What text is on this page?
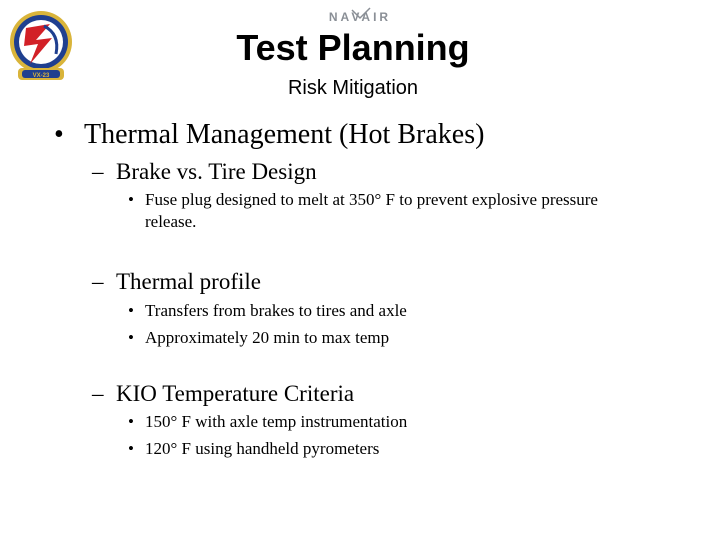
VX-23
NAVAIR
Test Planning
Risk Mitigation
• Thermal Management (Hot Brakes)
– Brake vs. Tire Design
• Fuse plug designed to melt at 350° F to prevent explosive pressure release.
– Thermal profile
• Transfers from brakes to tires and axle
• Approximately 20 min to max temp
– KIO Temperature Criteria
• 150° F with axle temp instrumentation
• 120° F using handheld pyrometers
